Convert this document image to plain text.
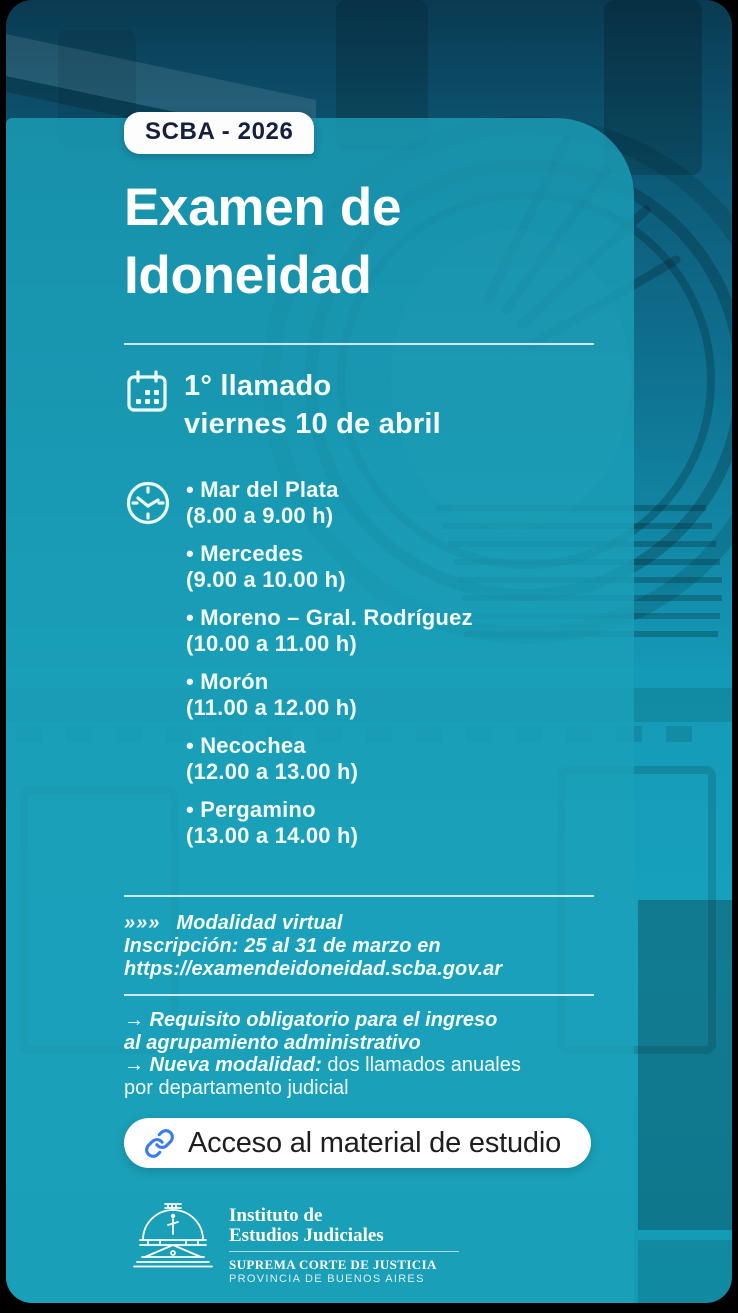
SCBA - 2026
Examen de
Idoneidad
1° llamado
viernes 10 de abril
• Mar del Plata
(8.00 a 9.00 h)
• Mercedes
(9.00 a 10.00 h)
• Moreno – Gral. Rodríguez
(10.00 a 11.00 h)
• Morón
(11.00 a 12.00 h)
• Necochea
(12.00 a 13.00 h)
• Pergamino
(13.00 a 14.00 h)
»»» Modalidad virtual
Inscripción: 25 al 31 de marzo en
https://examendeidoneidad.scba.gov.ar
→ Requisito obligatorio para el ingreso
al agrupamiento administrativo
→ Nueva modalidad: dos llamados anuales
por departamento judicial
Acceso al material de estudio
Instituto de
Estudios Judiciales
SUPREMA CORTE DE JUSTICIA
PROVINCIA DE BUENOS AIRES
